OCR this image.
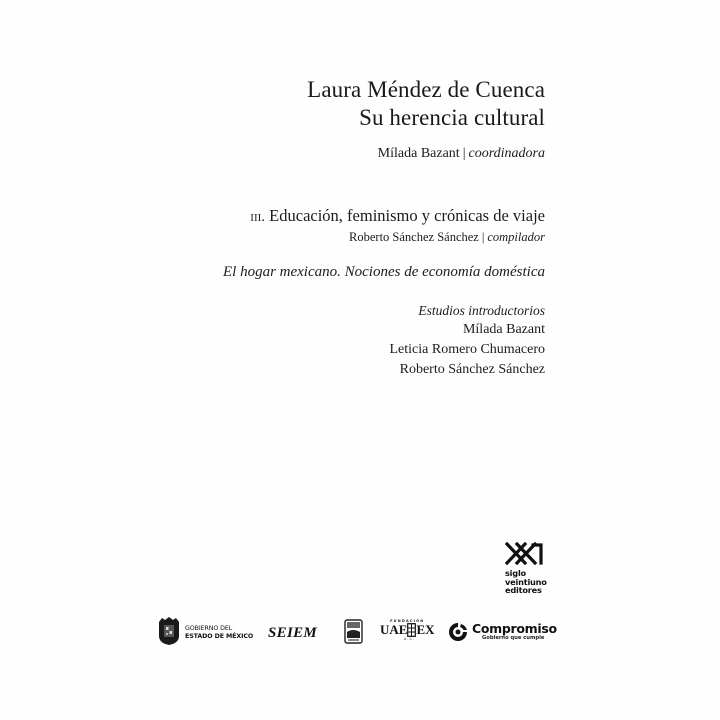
Laura Méndez de Cuenca
Su herencia cultural
Mílada Bazant | coordinadora
iii. Educación, feminismo y crónicas de viaje
Roberto Sánchez Sánchez | compilador
El hogar mexicano. Nociones de economía doméstica
Estudios introductorios
Mílada Bazant
Leticia Romero Chumacero
Roberto Sánchez Sánchez
siglo
veintiuno
editores
GOBIERNO DEL
ESTADO DE MÉXICO SEIEM
FUNDACIÓN
UAE EX
A.C.
Compromiso
Gobierno que cumple
